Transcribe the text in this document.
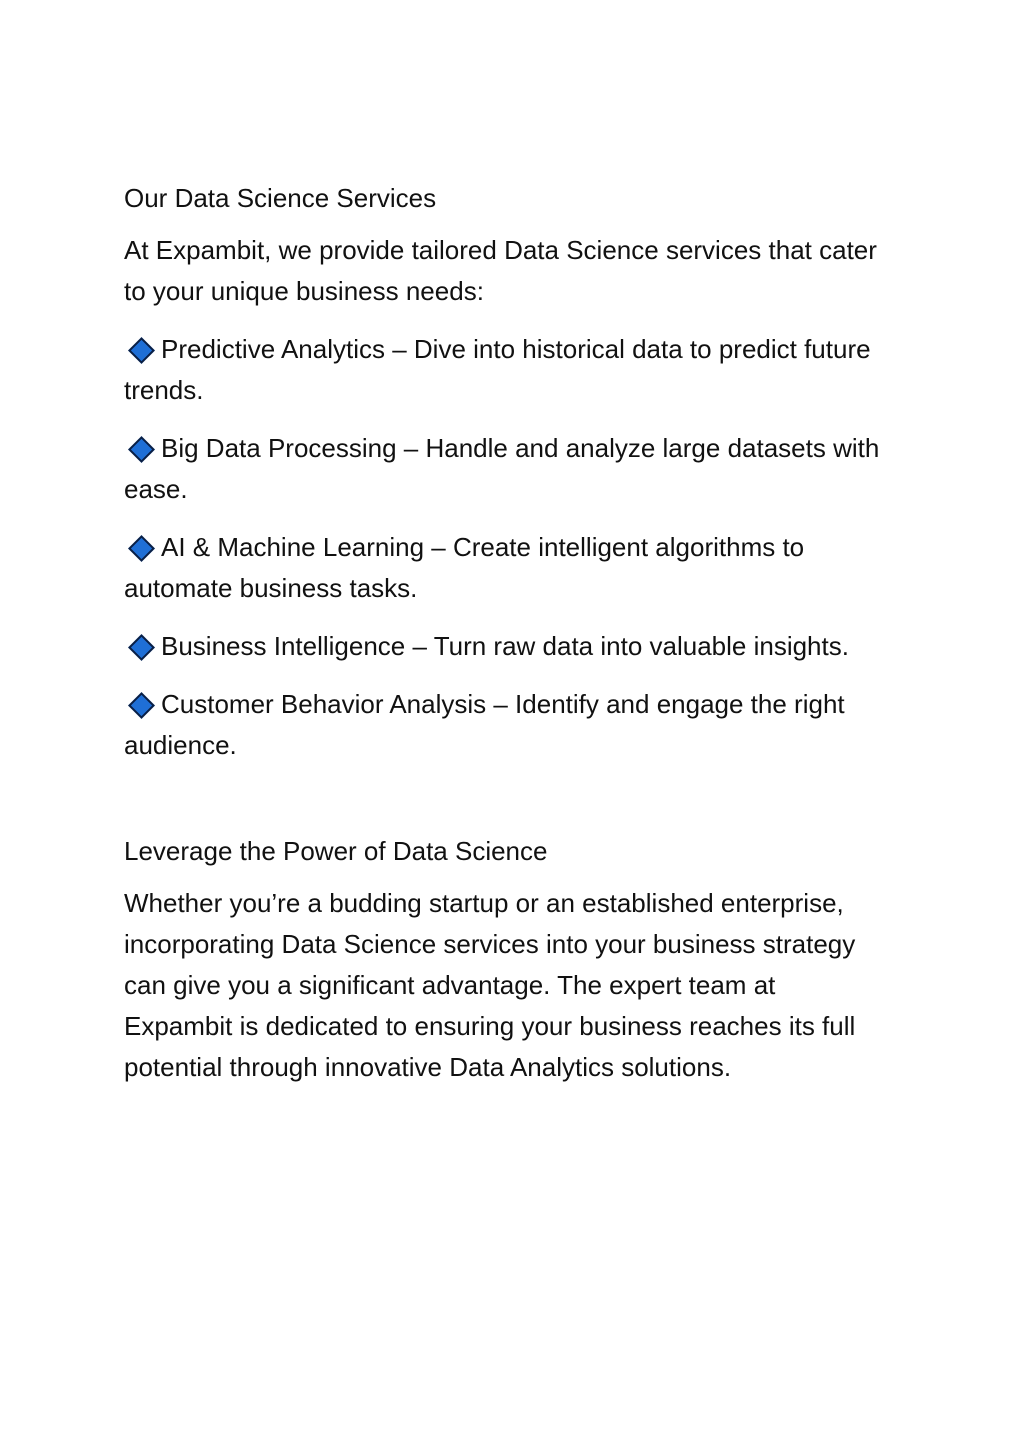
Our Data Science Services

At Expambit, we provide tailored Data Science services that cater to your unique business needs:

Predictive Analytics – Dive into historical data to predict future trends.

Big Data Processing – Handle and analyze large datasets with ease.

AI & Machine Learning – Create intelligent algorithms to automate business tasks.

Business Intelligence – Turn raw data into valuable insights.

Customer Behavior Analysis – Identify and engage the right audience.

Leverage the Power of Data Science

Whether you’re a budding startup or an established enterprise, incorporating Data Science services into your business strategy can give you a significant advantage. The expert team at Expambit is dedicated to ensuring your business reaches its full potential through innovative Data Analytics solutions.
